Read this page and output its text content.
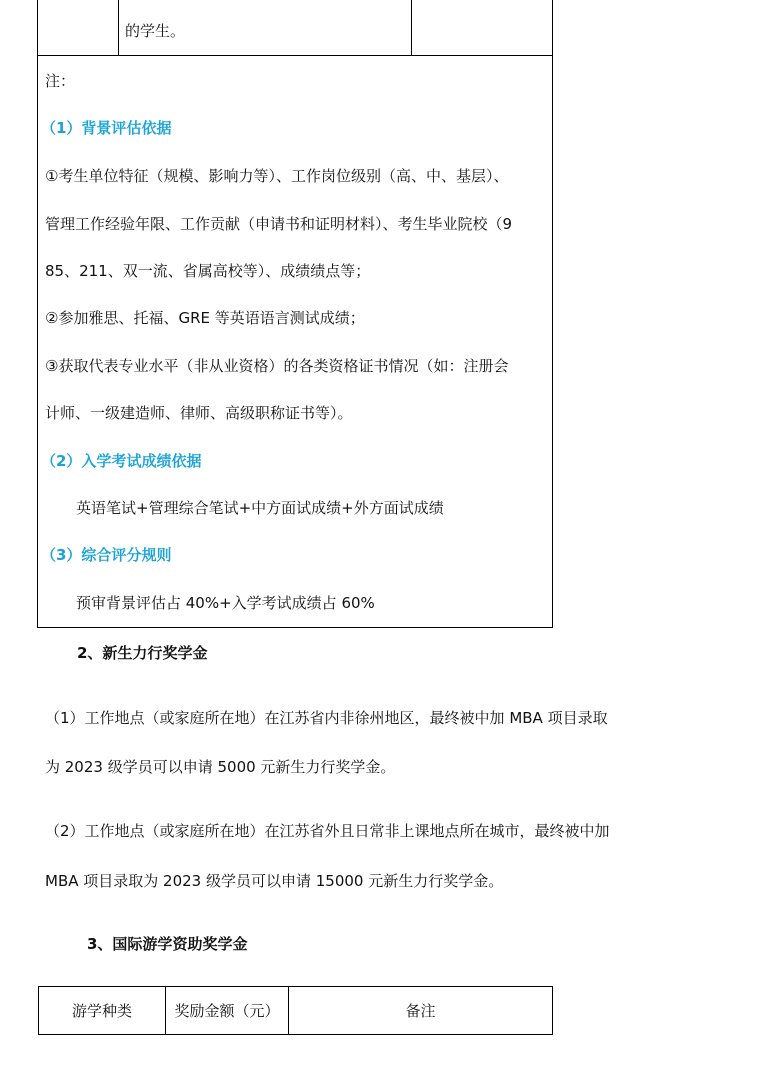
的学生。
注：
（1）背景评估依据
①考生单位特征（规模、影响力等）、工作岗位级别（高、中、基层）、
管理工作经验年限、工作贡献（申请书和证明材料）、考生毕业院校（9
85、211、双一流、省属高校等）、成绩绩点等；
②参加雅思、托福、GRE 等英语语言测试成绩；
③获取代表专业水平（非从业资格）的各类资格证书情况（如：注册会
计师、一级建造师、律师、高级职称证书等）。
（2）入学考试成绩依据
英语笔试+管理综合笔试+中方面试成绩+外方面试成绩
（3）综合评分规则
预审背景评估占 40%+入学考试成绩占 60%
2、新生力行奖学金
（1）工作地点（或家庭所在地）在江苏省内非徐州地区，最终被中加 MBA 项目录取
为 2023 级学员可以申请 5000 元新生力行奖学金。
（2）工作地点（或家庭所在地）在江苏省外且日常非上课地点所在城市，最终被中加
MBA 项目录取为 2023 级学员可以申请 15000 元新生力行奖学金。
3、国际游学资助奖学金
游学种类	奖励金额（元）	备注
